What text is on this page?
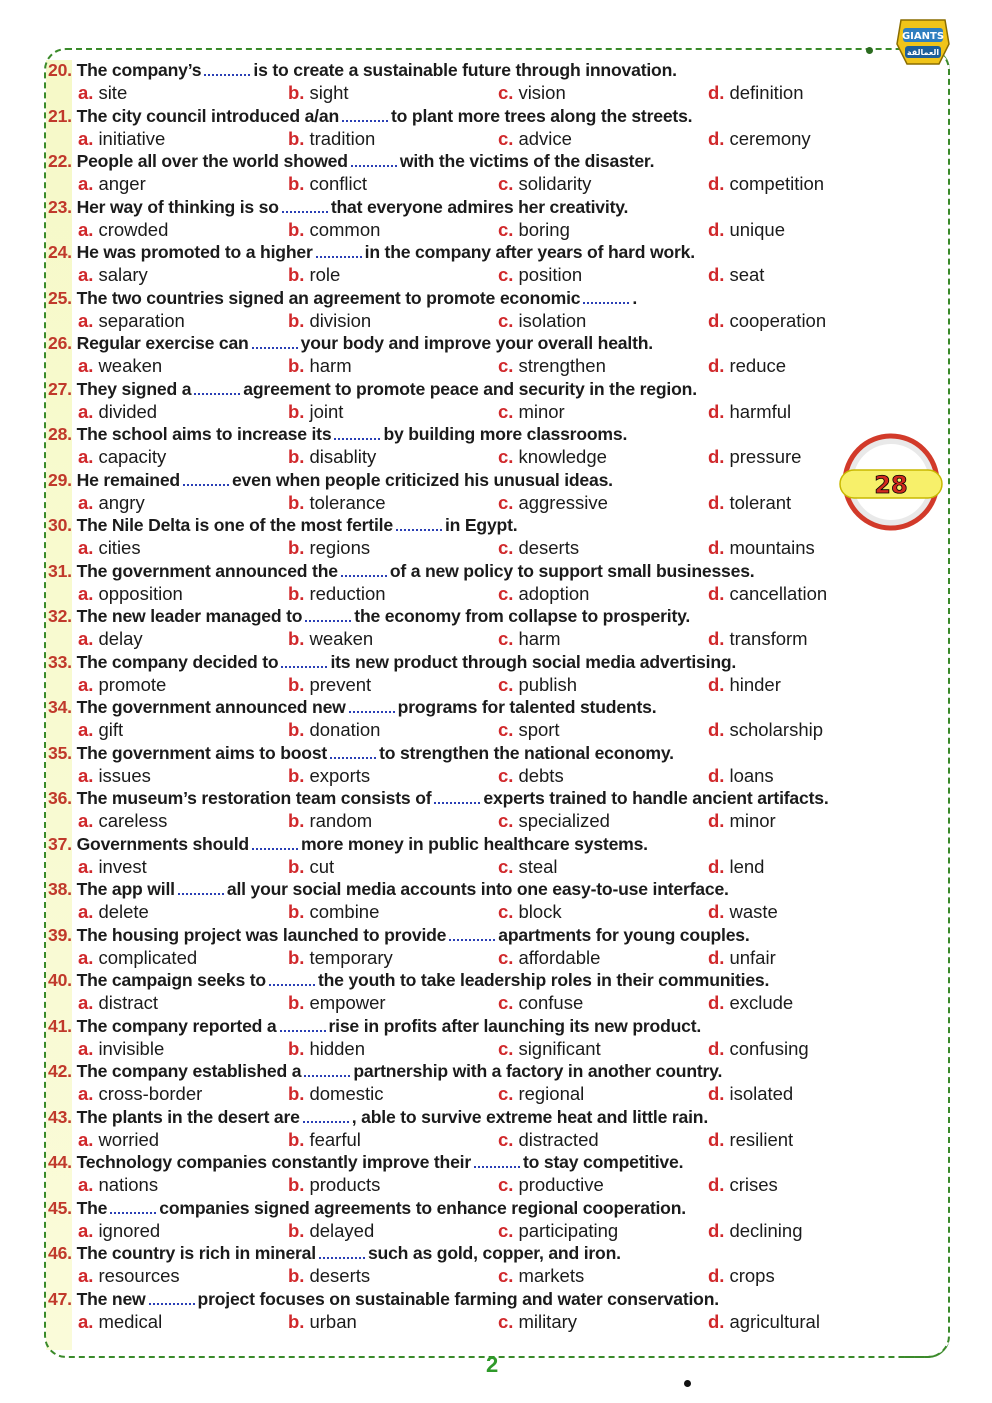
GIANTS
العمالقة
28
20. The company’s	is to create a sustainable future through innovation.
a. site	b. sight	c. vision	d. definition
21. The city council introduced a/an	to plant more trees along the streets.
a. initiative	b. tradition	c. advice	d. ceremony
22. People all over the world showed	with the victims of the disaster.
a. anger	b. conflict	c. solidarity	d. competition
23. Her way of thinking is so	that everyone admires her creativity.
a. crowded	b. common	c. boring	d. unique
24. He was promoted to a higher	in the company after years of hard work.
a. salary	b. role	c. position	d. seat
25. The two countries signed an agreement to promote economic	.
a. separation	b. division	c. isolation	d. cooperation
26. Regular exercise can	your body and improve your overall health.
a. weaken	b. harm	c. strengthen	d. reduce
27. They signed a	agreement to promote peace and security in the region.
a. divided	b. joint	c. minor	d. harmful
28. The school aims to increase its	by building more classrooms.
a. capacity	b. disablity	c. knowledge	d. pressure
29. He remained	even when people criticized his unusual ideas.
a. angry	b. tolerance	c. aggressive	d. tolerant
30. The Nile Delta is one of the most fertile	in Egypt.
a. cities	b. regions	c. deserts	d. mountains
31. The government announced the	of a new policy to support small businesses.
a. opposition	b. reduction	c. adoption	d. cancellation
32. The new leader managed to	the economy from collapse to prosperity.
a. delay	b. weaken	c. harm	d. transform
33. The company decided to	its new product through social media advertising.
a. promote	b. prevent	c. publish	d. hinder
34. The government announced new	programs for talented students.
a. gift	b. donation	c. sport	d. scholarship
35. The government aims to boost	to strengthen the national economy.
a. issues	b. exports	c. debts	d. loans
36. The museum’s restoration team consists of	experts trained to handle ancient artifacts.
a. careless	b. random	c. specialized	d. minor
37. Governments should	more money in public healthcare systems.
a. invest	b. cut	c. steal	d. lend
38. The app will	all your social media accounts into one easy-to-use interface.
a. delete	b. combine	c. block	d. waste
39. The housing project was launched to provide	apartments for young couples.
a. complicated	b. temporary	c. affordable	d. unfair
40. The campaign seeks to	the youth to take leadership roles in their communities.
a. distract	b. empower	c. confuse	d. exclude
41. The company reported a	rise in profits after launching its new product.
a. invisible	b. hidden	c. significant	d. confusing
42. The company established a	partnership with a factory in another country.
a. cross-border	b. domestic	c. regional	d. isolated
43. The plants in the desert are	, able to survive extreme heat and little rain.
a. worried	b. fearful	c. distracted	d. resilient
44. Technology companies constantly improve their	to stay competitive.
a. nations	b. products	c. productive	d. crises
45. The	companies signed agreements to enhance regional cooperation.
a. ignored	b. delayed	c. participating	d. declining
46. The country is rich in mineral	such as gold, copper, and iron.
a. resources	b. deserts	c. markets	d. crops
47. The new	project focuses on sustainable farming and water conservation.
a. medical	b. urban	c. military	d. agricultural
2
